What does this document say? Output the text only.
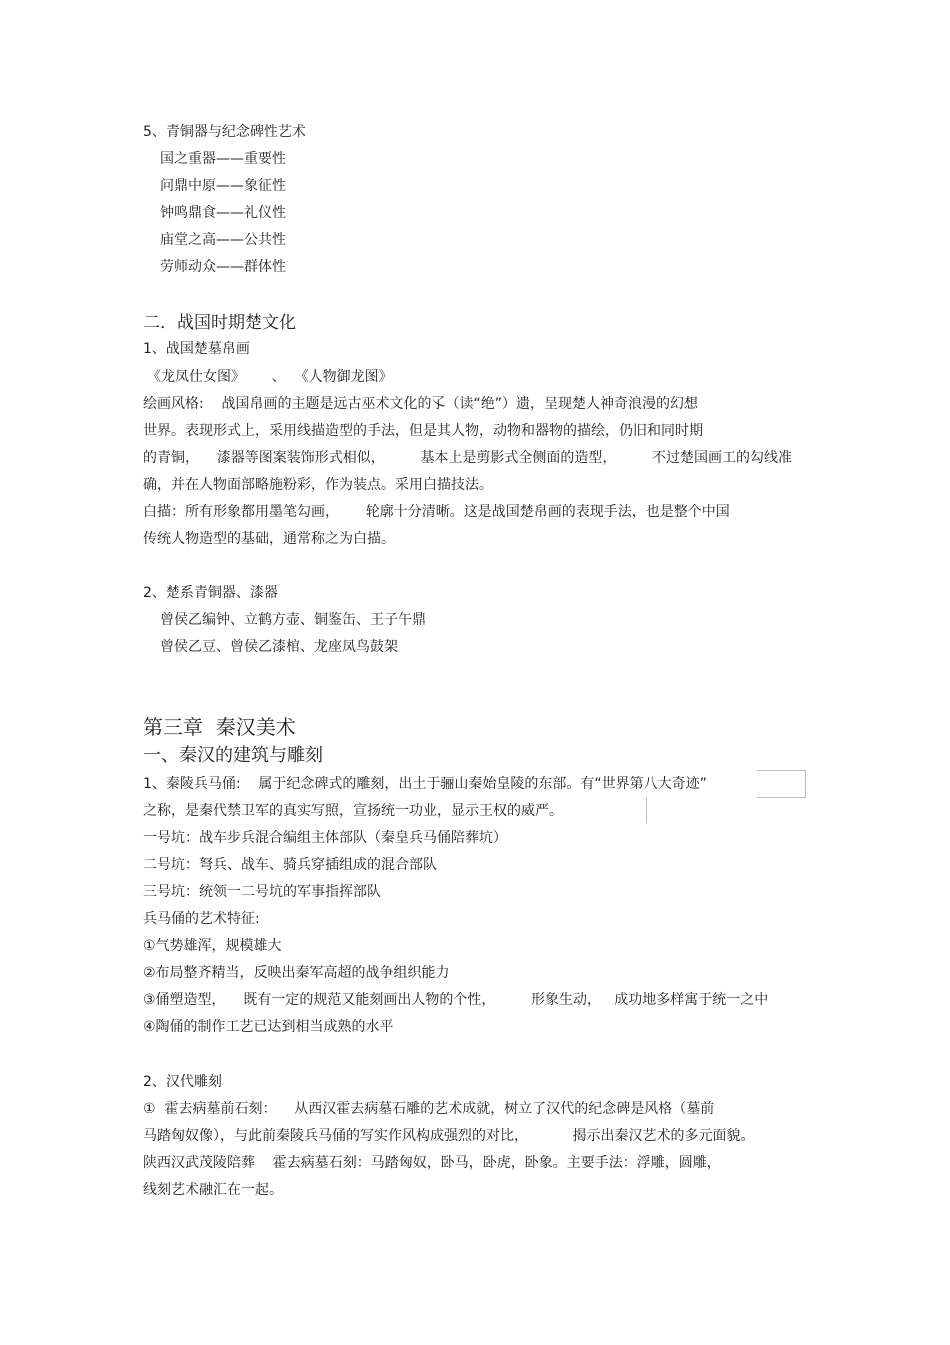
5、青铜器与纪念碑性艺术
国之重器——重要性
问鼎中原——象征性
钟鸣鼎食——礼仪性
庙堂之高——公共性
劳师动众——群体性
二．战国时期楚文化
1、战国楚墓帛画
《龙凤仕女图》      、  《人物御龙图》
绘画风格:    战国帛画的主题是远古巫术文化的孓（读“绝”）遗，呈现楚人神奇浪漫的幻想
世界。表现形式上，采用线描造型的手法，但是其人物，动物和器物的描绘，仍旧和同时期
的青铜，    漆器等图案装饰形式相似，        基本上是剪影式全侧面的造型，        不过楚国画工的勾线准
确，并在人物面部略施粉彩，作为装点。采用白描技法。
白描：所有形象都用墨笔勾画，      轮廓十分清晰。这是战国楚帛画的表现手法，也是整个中国
传统人物造型的基础，通常称之为白描。
2、楚系青铜器、漆器
曾侯乙编钟、立鹤方壶、铜鉴缶、王子午鼎
曾侯乙豆、曾侯乙漆棺、龙座凤鸟鼓架
第三章  秦汉美术
一、秦汉的建筑与雕刻
1、秦陵兵马俑:    属于纪念碑式的雕刻，出土于骊山秦始皇陵的东部。有“世界第八大奇迹”
之称，是秦代禁卫军的真实写照，宣扬统一功业，显示王权的威严。
一号坑：战车步兵混合编组主体部队（秦皇兵马俑陪葬坑）
二号坑：弩兵、战车、骑兵穿插组成的混合部队
三号坑：统领一二号坑的军事指挥部队
兵马俑的艺术特征:
①气势雄浑，规模雄大
②布局整齐精当，反映出秦军高超的战争组织能力
③俑塑造型，    既有一定的规范又能刻画出人物的个性，        形象生动，   成功地多样寓于统一之中
④陶俑的制作工艺已达到相当成熟的水平
2、汉代雕刻
①  霍去病墓前石刻：    从西汉霍去病墓石雕的艺术成就，树立了汉代的纪念碑是风格（墓前
马踏匈奴像），与此前秦陵兵马俑的写实作风构成强烈的对比，          揭示出秦汉艺术的多元面貌。
陕西汉武茂陵陪葬    霍去病墓石刻：马踏匈奴，卧马，卧虎，卧象。主要手法：浮雕，圆雕，
线刻艺术融汇在一起。
